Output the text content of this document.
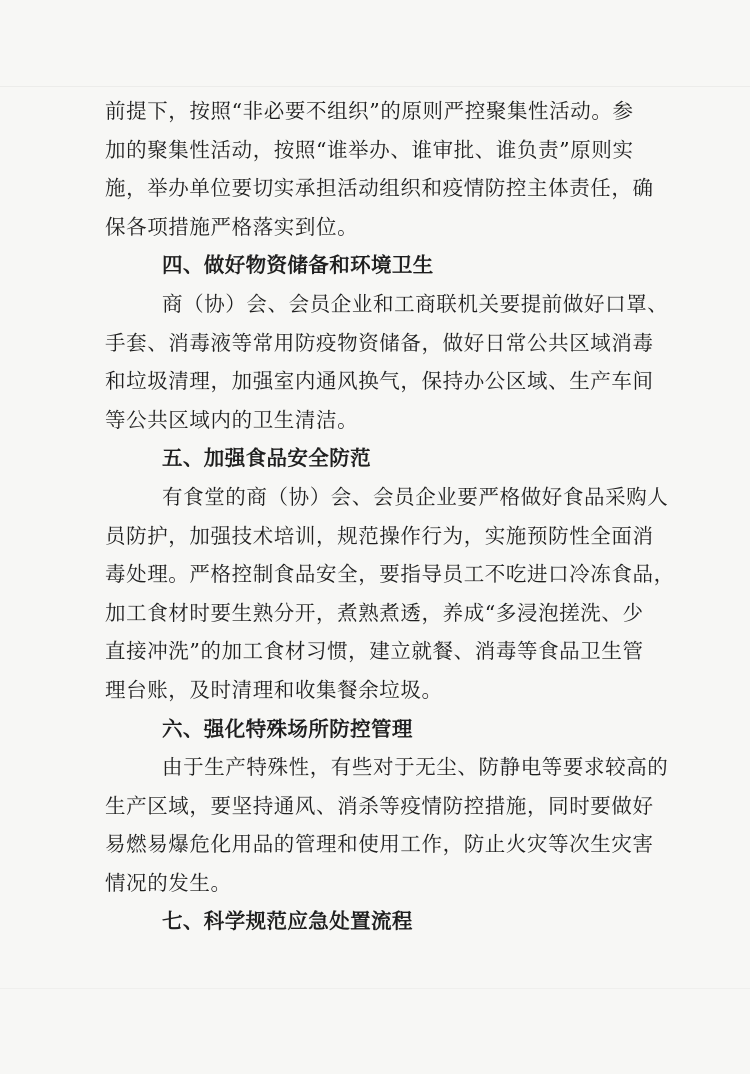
前提下，按照“非必要不组织”的原则严控聚集性活动。参
加的聚集性活动，按照“谁举办、谁审批、谁负责”原则实
施，举办单位要切实承担活动组织和疫情防控主体责任，确
保各项措施严格落实到位。
四、做好物资储备和环境卫生
商（协）会、会员企业和工商联机关要提前做好口罩、
手套、消毒液等常用防疫物资储备，做好日常公共区域消毒
和垃圾清理，加强室内通风换气，保持办公区域、生产车间
等公共区域内的卫生清洁。
五、加强食品安全防范
有食堂的商（协）会、会员企业要严格做好食品采购人
员防护，加强技术培训，规范操作行为，实施预防性全面消
毒处理。严格控制食品安全，要指导员工不吃进口冷冻食品，
加工食材时要生熟分开，煮熟煮透，养成“多浸泡搓洗、少
直接冲洗”的加工食材习惯，建立就餐、消毒等食品卫生管
理台账，及时清理和收集餐余垃圾。
六、强化特殊场所防控管理
由于生产特殊性，有些对于无尘、防静电等要求较高的
生产区域，要坚持通风、消杀等疫情防控措施，同时要做好
易燃易爆危化用品的管理和使用工作，防止火灾等次生灾害
情况的发生。
七、科学规范应急处置流程
